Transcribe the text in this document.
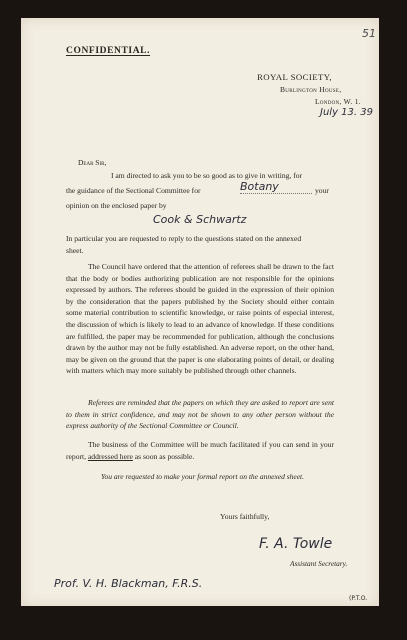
CONFIDENTIAL.
ROYAL SOCIETY,
Burlington House,
London, W. 1.
July 13. 39
Dear Sir,
I am directed to ask you to be so good as to give in writing, for
the guidance of the Sectional Committee for	Botany	your
opinion on the enclosed paper by
Cook & Schwartz
In particular you are requested to reply to the questions stated on the annexed
sheet.
The Council have ordered that the attention of referees shall be drawn to the fact that the body or bodies authorizing publication are not responsible for the opinions expressed by authors. The referees should be guided in the expression of their opinion by the consideration that the papers published by the Society should either contain some material contribution to scientific knowledge, or raise points of especial interest, the discussion of which is likely to lead to an advance of knowledge. If these conditions are fulfilled, the paper may be recommended for publication, although the conclusions drawn by the author may not be fully established. An adverse report, on the other hand, may be given on the ground that the paper is one elaborating points of detail, or dealing with matters which may more suitably be published through other channels.
Referees are reminded that the papers on which they are asked to report are sent to them in strict confidence, and may not be shown to any other person without the express authority of the Sectional Committee or Council.
The business of the Committee will be much facilitated if you can send in your report, addressed here as soon as possible.
You are requested to make your formal report on the annexed sheet.
Yours faithfully,
F. A. Towle
Assistant Secretary.
Prof. V. H. Blackman, F.R.S.
(P.T.O.
51
